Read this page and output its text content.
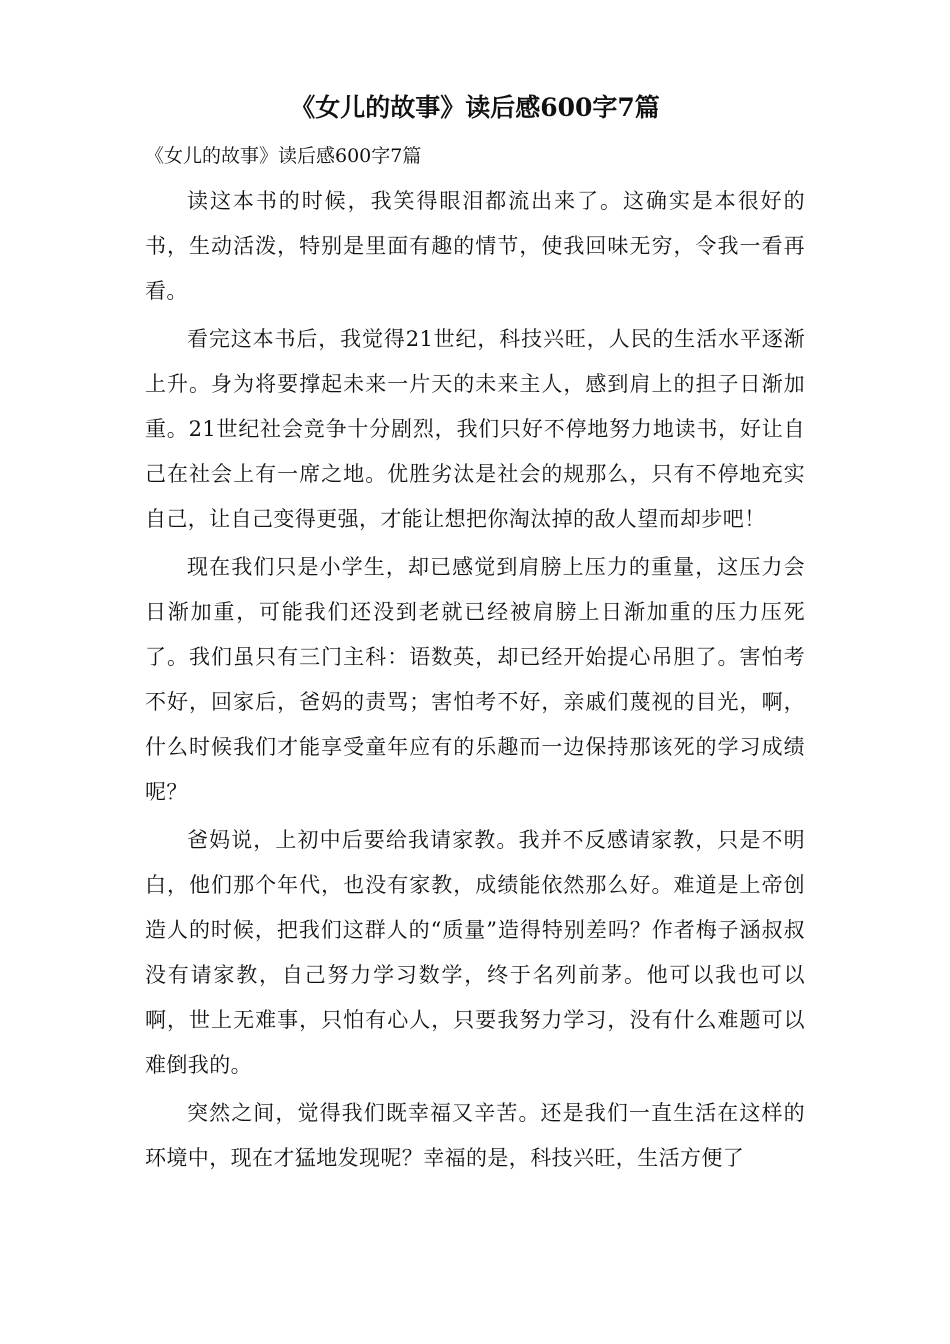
《女儿的故事》读后感600字7篇

《女儿的故事》读后感600字7篇

读这本书的时候，我笑得眼泪都流出来了。这确实是本很好的书，生动活泼，特别是里面有趣的情节，使我回味无穷，令我一看再看。

看完这本书后，我觉得21世纪，科技兴旺，人民的生活水平逐渐上升。身为将要撑起未来一片天的未来主人，感到肩上的担子日渐加重。21世纪社会竞争十分剧烈，我们只好不停地努力地读书，好让自己在社会上有一席之地。优胜劣汰是社会的规那么，只有不停地充实自己，让自己变得更强，才能让想把你淘汰掉的敌人望而却步吧！

现在我们只是小学生，却已感觉到肩膀上压力的重量，这压力会日渐加重，可能我们还没到老就已经被肩膀上日渐加重的压力压死了。我们虽只有三门主科：语数英，却已经开始提心吊胆了。害怕考不好，回家后，爸妈的责骂；害怕考不好，亲戚们蔑视的目光，啊，什么时候我们才能享受童年应有的乐趣而一边保持那该死的学习成绩呢？

爸妈说，上初中后要给我请家教。我并不反感请家教，只是不明白，他们那个年代，也没有家教，成绩能依然那么好。难道是上帝创造人的时候，把我们这群人的“质量”造得特别差吗？作者梅子涵叔叔没有请家教，自己努力学习数学，终于名列前茅。他可以我也可以啊，世上无难事，只怕有心人，只要我努力学习，没有什么难题可以难倒我的。

突然之间，觉得我们既幸福又辛苦。还是我们一直生活在这样的环境中，现在才猛地发现呢？幸福的是，科技兴旺，生活方便了
